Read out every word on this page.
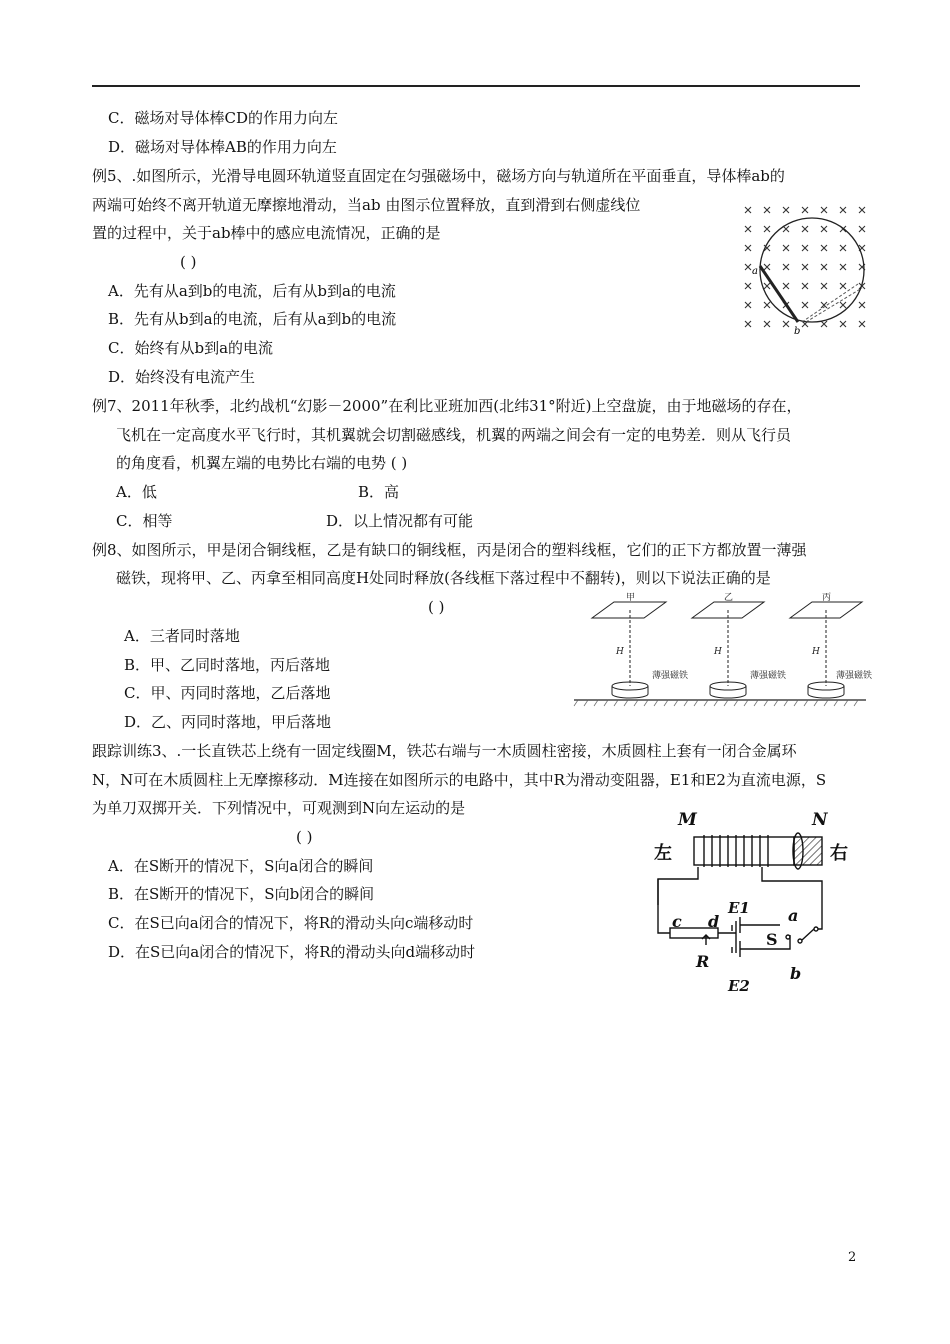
C．磁场对导体棒CD的作用力向左
D．磁场对导体棒AB的作用力向左
例5、.如图所示，光滑导电圆环轨道竖直固定在匀强磁场中，磁场方向与轨道所在平面垂直，导体棒ab的
两端可始终不离开轨道无摩擦地滑动，当ab 由图示位置释放，直到滑到右侧虚线位
置的过程中，关于ab棒中的感应电流情况，正确的是
( )
A．先有从a到b的电流，后有从b到a的电流
B．先有从b到a的电流，后有从a到b的电流
C．始终有从b到a的电流
D．始终没有电流产生
a
b
例7、2011年秋季，北约战机“幻影－2000”在利比亚班加西(北纬31°附近)上空盘旋，由于地磁场的存在，
飞机在一定高度水平飞行时，其机翼就会切割磁感线，机翼的两端之间会有一定的电势差．则从飞行员
的角度看，机翼左端的电势比右端的电势 ( )
A．低	B．高
C．相等	D．以上情况都有可能
例8、如图所示，甲是闭合铜线框，乙是有缺口的铜线框，丙是闭合的塑料线框，它们的正下方都放置一薄强
磁铁，现将甲、乙、丙拿至相同高度H处同时释放(各线框下落过程中不翻转)，则以下说法正确的是
( )
A．三者同时落地
B．甲、乙同时落地，丙后落地
C．甲、丙同时落地，乙后落地
D．乙、丙同时落地，甲后落地
甲	乙	丙
H	H	H
薄强磁铁	薄强磁铁	薄强磁铁
跟踪训练3、.一长直铁芯上绕有一固定线圈M，铁芯右端与一木质圆柱密接，木质圆柱上套有一闭合金属环
N，N可在木质圆柱上无摩擦移动．M连接在如图所示的电路中，其中R为滑动变阻器，E1和E2为直流电源，S
为单刀双掷开关．下列情况中，可观测到N向左运动的是
( )
A．在S断开的情况下，S向a闭合的瞬间
B．在S断开的情况下，S向b闭合的瞬间
C．在S已向a闭合的情况下，将R的滑动头向c端移动时
D．在S已向a闭合的情况下，将R的滑动头向d端移动时
M	N
左	右
E1
E2
S
a
b
c d
R
2
